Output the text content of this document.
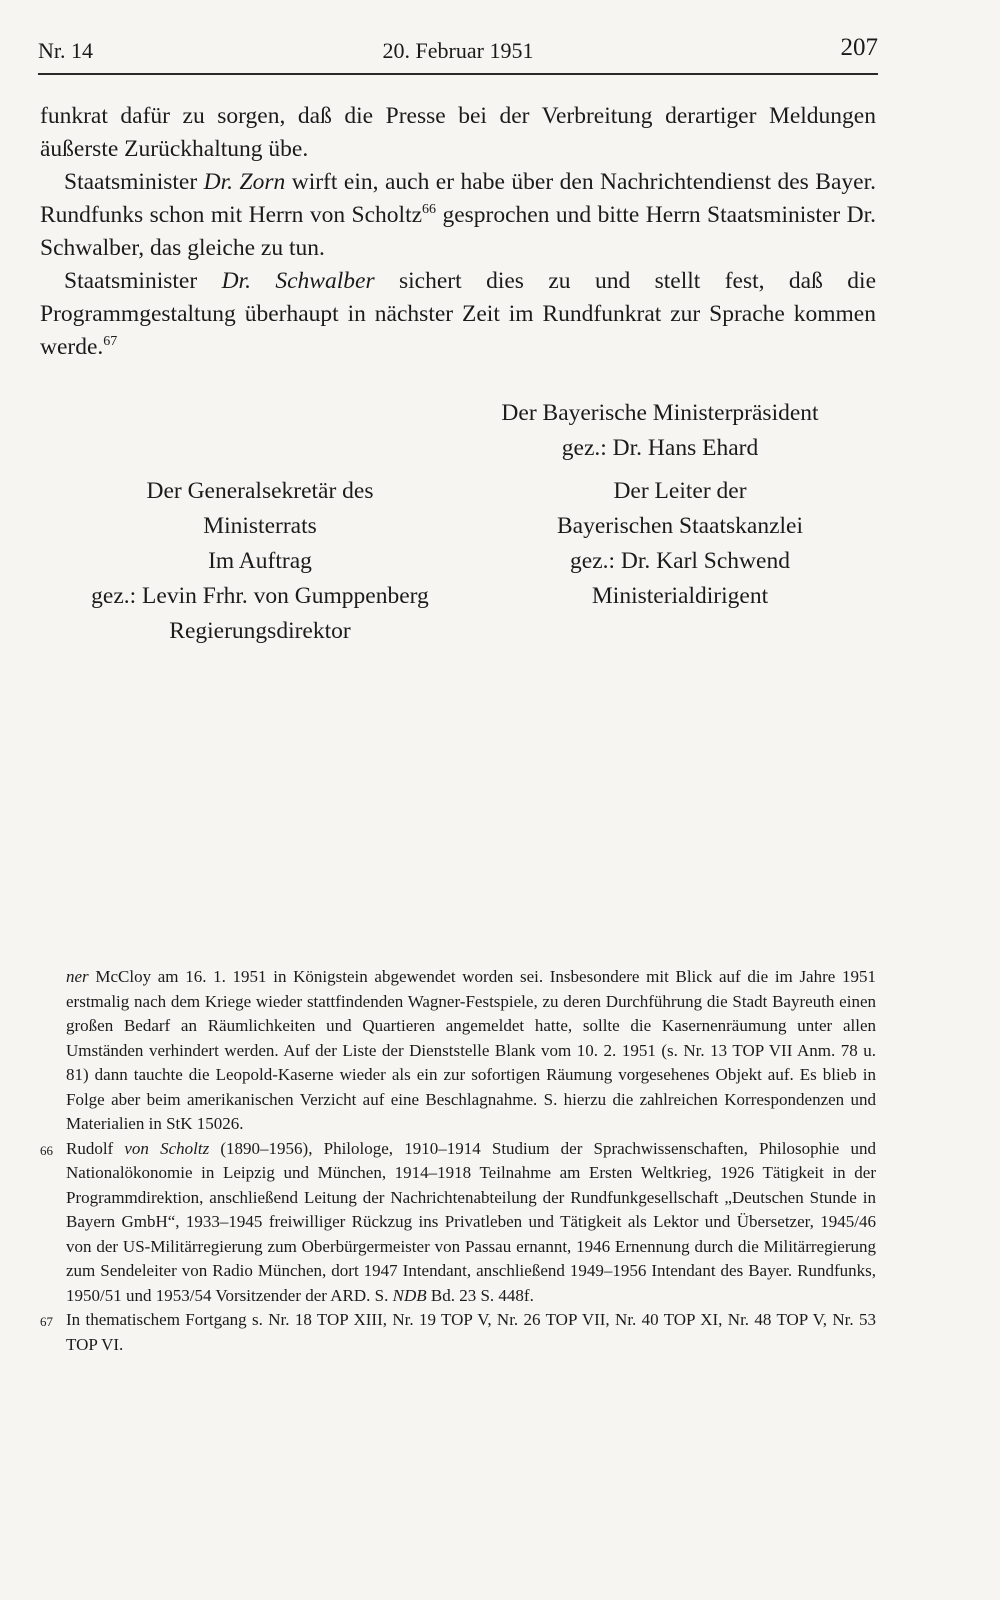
Nr. 14	20. Februar 1951	207

funkrat dafür zu sorgen, daß die Presse bei der Verbreitung derartiger Meldungen äußerste Zurückhaltung übe.

Staatsminister Dr. Zorn wirft ein, auch er habe über den Nachrichtendienst des Bayer. Rundfunks schon mit Herrn von Scholtz$^{66}$ gesprochen und bitte Herrn Staatsminister Dr. Schwalber, das gleiche zu tun.

Staatsminister Dr. Schwalber sichert dies zu und stellt fest, daß die Programmgestaltung überhaupt in nächster Zeit im Rundfunkrat zur Sprache kommen werde.$^{67}$

Der Bayerische Ministerpräsident
gez.: Dr. Hans Ehard
Der Generalsekretär des
Ministerrats
Im Auftrag
gez.: Levin Frhr. von Gumppenberg
Regierungsdirektor
Der Leiter der
Bayerischen Staatskanzlei
gez.: Dr. Karl Schwend
Ministerialdirigent

ner McCloy am 16. 1. 1951 in Königstein abgewendet worden sei. Insbesondere mit Blick auf die im Jahre 1951 erstmalig nach dem Kriege wieder stattfindenden Wagner-Festspiele, zu deren Durchführung die Stadt Bayreuth einen großen Bedarf an Räumlichkeiten und Quartieren angemeldet hatte, sollte die Kasernenräumung unter allen Umständen verhindert werden. Auf der Liste der Dienststelle Blank vom 10. 2. 1951 (s. Nr. 13 TOP VII Anm. 78 u. 81) dann tauchte die Leopold-Kaserne wieder als ein zur sofortigen Räumung vorgesehenes Objekt auf. Es blieb in Folge aber beim amerikanischen Verzicht auf eine Beschlagnahme. S. hierzu die zahlreichen Korrespondenzen und Materialien in StK 15026.

66 Rudolf von Scholtz (1890–1956), Philologe, 1910–1914 Studium der Sprachwissenschaften, Philosophie und Nationalökonomie in Leipzig und München, 1914–1918 Teilnahme am Ersten Weltkrieg, 1926 Tätigkeit in der Programmdirektion, anschließend Leitung der Nachrichtenabteilung der Rundfunkgesellschaft „Deutschen Stunde in Bayern GmbH“, 1933–1945 freiwilliger Rückzug ins Privatleben und Tätigkeit als Lektor und Übersetzer, 1945/46 von der US-Militärregierung zum Oberbürgermeister von Passau ernannt, 1946 Ernennung durch die Militärregierung zum Sendeleiter von Radio München, dort 1947 Intendant, anschließend 1949–1956 Intendant des Bayer. Rundfunks, 1950/51 und 1953/54 Vorsitzender der ARD. S. NDB Bd. 23 S. 448f.

67 In thematischem Fortgang s. Nr. 18 TOP XIII, Nr. 19 TOP V, Nr. 26 TOP VII, Nr. 40 TOP XI, Nr. 48 TOP V, Nr. 53 TOP VI.
